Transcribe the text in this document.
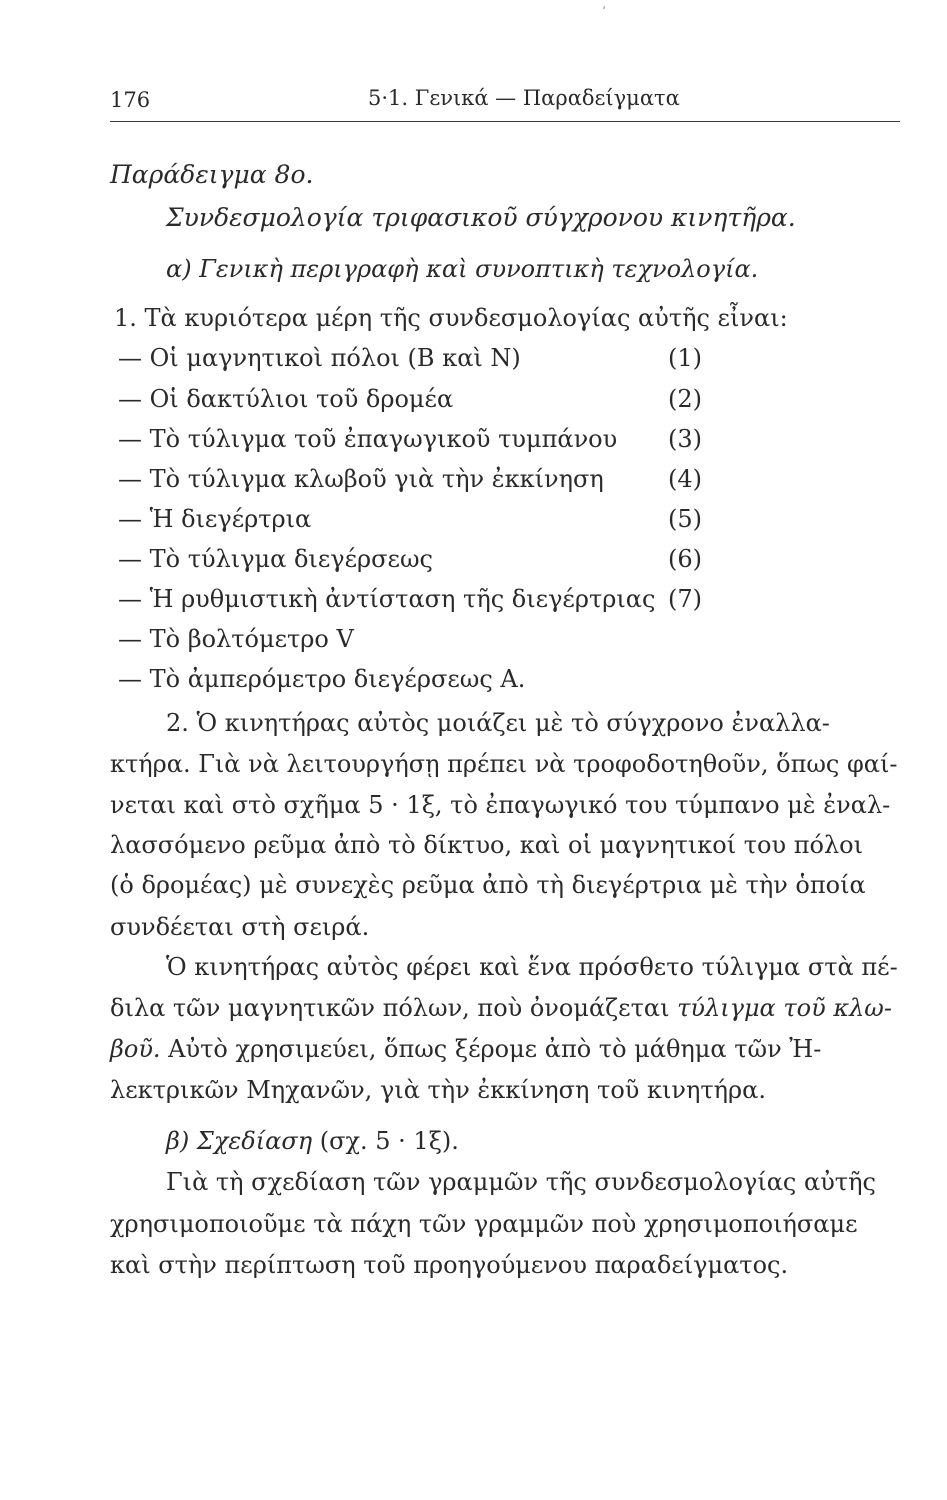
ʻ
176	5·1. Γενικά — Παραδείγματα
Παράδειγμα 8ο.
Συνδεσμολογία τριφασικοῦ σύγχρονου κινητῆρα.
α) Γενικὴ περιγραφὴ καὶ συνοπτικὴ τεχνολογία.
1. Τὰ κυριότερα μέρη τῆς συνδεσμολογίας αὐτῆς εἶναι:
— Οἱ μαγνητικοὶ πόλοι (Β καὶ Ν)	(1)
— Οἱ δακτύλιοι τοῦ δρομέα	(2)
— Τὸ τύλιγμα τοῦ ἐπαγωγικοῦ τυμπάνου (3)
— Τὸ τύλιγμα κλωβοῦ γιὰ τὴν ἐκκίνηση	(4)
— Ἡ διεγέρτρια	(5)
— Τὸ τύλιγμα διεγέρσεως	(6)
— Ἡ ρυθμιστικὴ ἀντίσταση τῆς διεγέρτριας (7)
— Τὸ βολτόμετρο V
— Τὸ ἀμπερόμετρο διεγέρσεως Α.
2. Ὁ κινητήρας αὐτὸς μοιάζει μὲ τὸ σύγχρονο ἐναλλα-
κτήρα. Γιὰ νὰ λειτουργήσῃ πρέπει νὰ τροφοδοτηθοῦν, ὅπως φαί-
νεται καὶ στὸ σχῆμα 5 · 1ξ, τὸ ἐπαγωγικό του τύμπανο μὲ ἐναλ-
λασσόμενο ρεῦμα ἀπὸ τὸ δίκτυο, καὶ οἱ μαγνητικοί του πόλοι
(ὁ δρομέας) μὲ συνεχὲς ρεῦμα ἀπὸ τὴ διεγέρτρια μὲ τὴν ὁποία
συνδέεται στὴ σειρά.
Ὁ κινητήρας αὐτὸς φέρει καὶ ἕνα πρόσθετο τύλιγμα στὰ πέ-
διλα τῶν μαγνητικῶν πόλων, ποὺ ὀνομάζεται τύλιγμα τοῦ κλω-
βοῦ. Αὐτὸ χρησιμεύει, ὅπως ξέρομε ἀπὸ τὸ μάθημα τῶν Ἠ-
λεκτρικῶν Μηχανῶν, γιὰ τὴν ἐκκίνηση τοῦ κινητήρα.
β) Σχεδίαση (σχ. 5 · 1ξ).
Γιὰ τὴ σχεδίαση τῶν γραμμῶν τῆς συνδεσμολογίας αὐτῆς
χρησιμοποιοῦμε τὰ πάχη τῶν γραμμῶν ποὺ χρησιμοποιήσαμε
καὶ στὴν περίπτωση τοῦ προηγούμενου παραδείγματος.
